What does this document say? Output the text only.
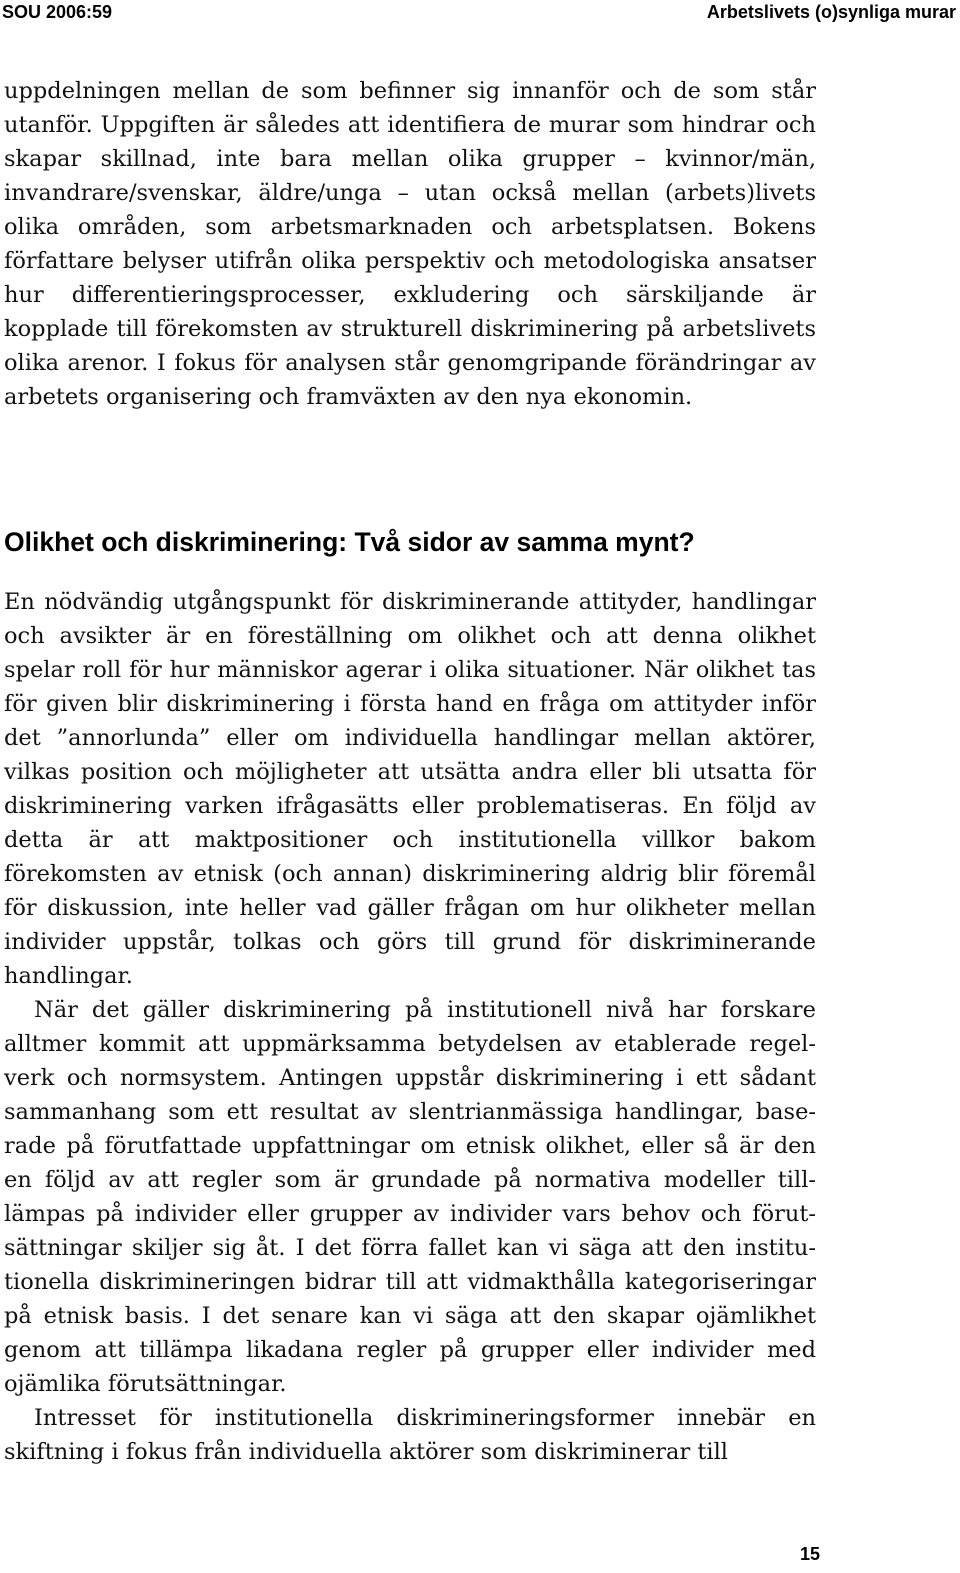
SOU 2006:59	Arbetslivets (o)synliga murar

uppdelningen mellan de som befinner sig innanför och de som står utanför. Uppgiften är således att identifiera de murar som hindrar och skapar skillnad, inte bara mellan olika grupper – kvinnor/män, invandrare/svenskar, äldre/unga – utan också mellan (arbets)livets olika områden, som arbetsmarknaden och arbetsplatsen. Bokens författare belyser utifrån olika perspektiv och metodologiska ansatser hur differentieringsprocesser, exkludering och särskiljande är kopplade till förekomsten av strukturell diskriminering på arbetslivets olika arenor. I fokus för analysen står genomgripande förändringar av arbetets organisering och framväxten av den nya ekonomin.

Olikhet och diskriminering: Två sidor av samma mynt?

En nödvändig utgångspunkt för diskriminerande attityder, handlingar och avsikter är en föreställning om olikhet och att denna olikhet spelar roll för hur människor agerar i olika situationer. När olikhet tas för given blir diskriminering i första hand en fråga om attityder inför det ”annorlunda” eller om individuella handlingar mellan aktörer, vilkas position och möjligheter att utsätta andra eller bli utsatta för diskriminering varken ifrågasätts eller problematiseras. En följd av detta är att maktpositioner och institutionella villkor bakom förekomsten av etnisk (och annan) diskriminering aldrig blir föremål för diskussion, inte heller vad gäller frågan om hur olikheter mellan individer uppstår, tolkas och görs till grund för diskriminerande handlingar.

När det gäller diskriminering på institutionell nivå har forskare alltmer kommit att uppmärksamma betydelsen av etablerade regelverk och normsystem. Antingen uppstår diskriminering i ett sådant sammanhang som ett resultat av slentrianmässiga handlingar, baserade på förutfattade uppfattningar om etnisk olikhet, eller så är den en följd av att regler som är grundade på normativa modeller tilllämpas på individer eller grupper av individer vars behov och förutsättningar skiljer sig åt. I det förra fallet kan vi säga att den institutionella diskrimineringen bidrar till att vidmakthålla kategoriseringar på etnisk basis. I det senare kan vi säga att den skapar ojämlikhet genom att tillämpa likadana regler på grupper eller individer med ojämlika förutsättningar.

Intresset för institutionella diskrimineringsformer innebär en skiftning i fokus från individuella aktörer som diskriminerar till

15
